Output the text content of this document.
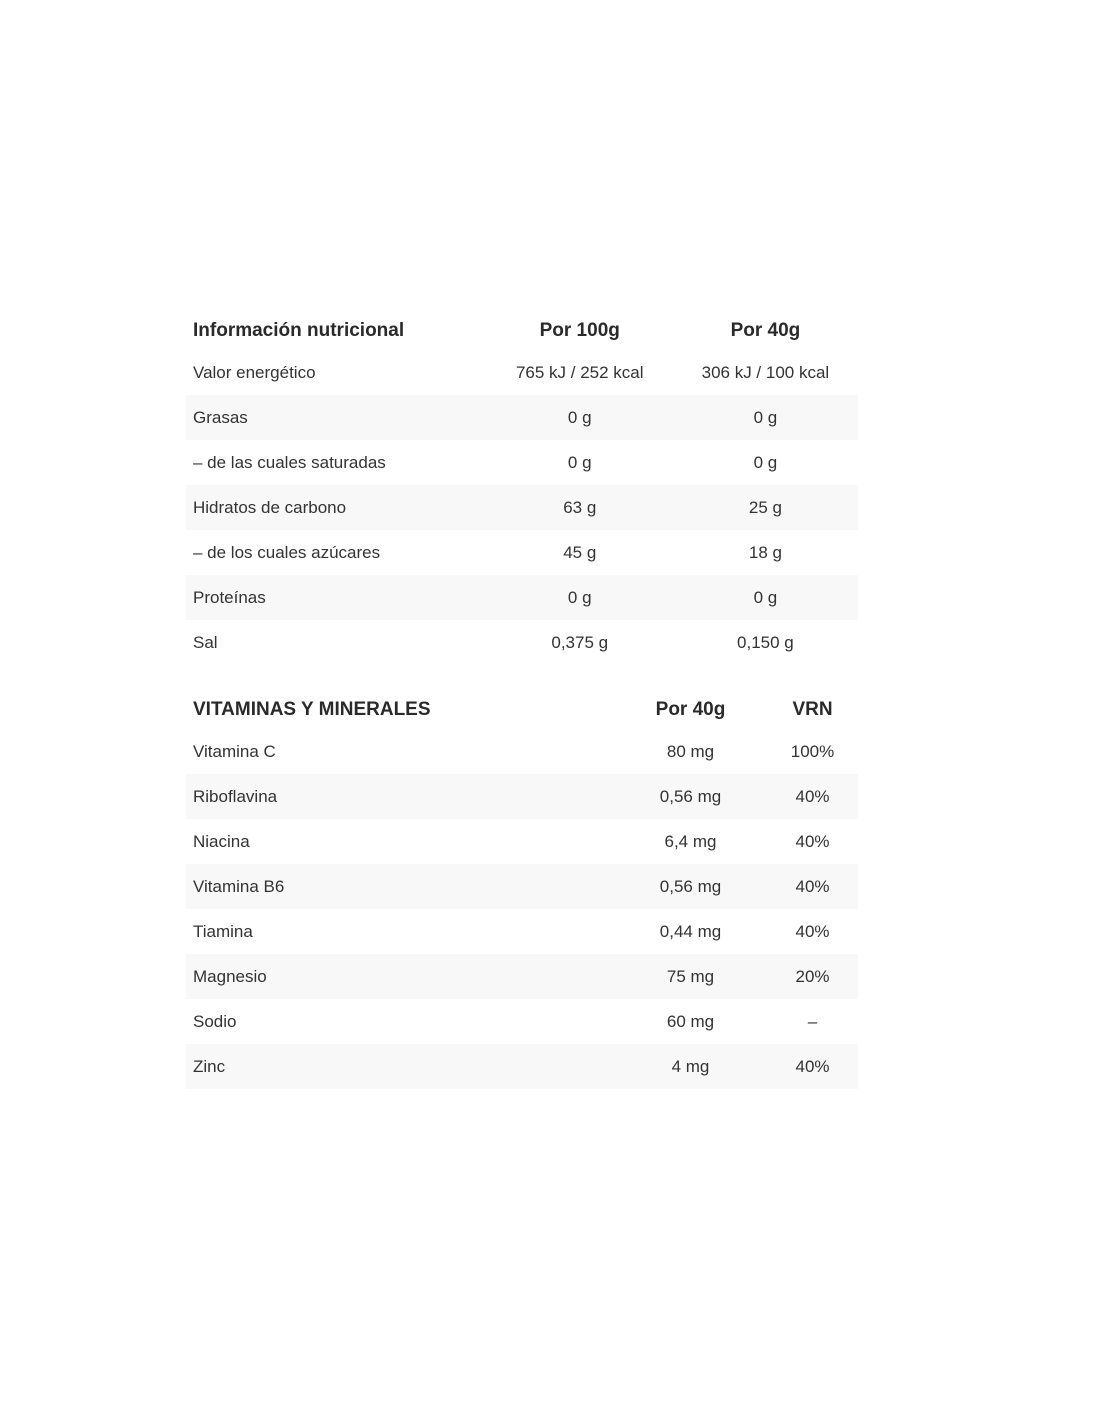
Información nutricional	Por 100g	Por 40g
Valor energético	765 kJ / 252 kcal	306 kJ / 100 kcal
Grasas	0 g	0 g
– de las cuales saturadas	0 g	0 g
Hidratos de carbono	63 g	25 g
– de los cuales azúcares	45 g	18 g
Proteínas	0 g	0 g
Sal	0,375 g	0,150 g
VITAMINAS Y MINERALES	Por 40g	VRN
Vitamina C	80 mg	100%
Riboflavina	0,56 mg	40%
Niacina	6,4 mg	40%
Vitamina B6	0,56 mg	40%
Tiamina	0,44 mg	40%
Magnesio	75 mg	20%
Sodio	60 mg	–
Zinc	4 mg	40%
